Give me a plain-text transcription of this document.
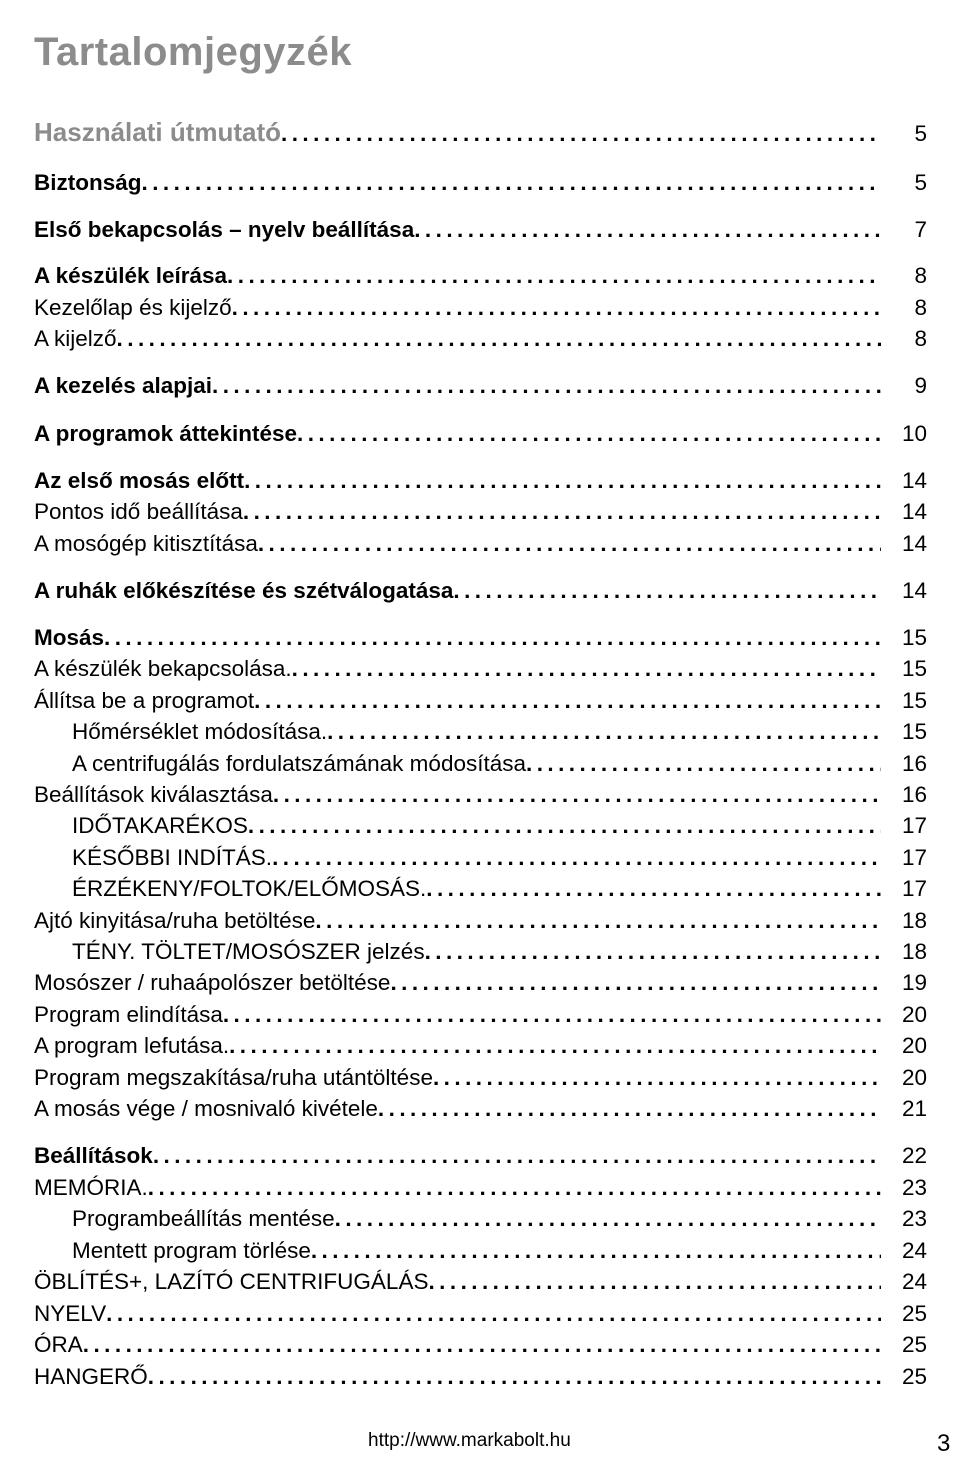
Tartalomjegyzék
Használati útmutató . . .	5
Biztonság . . .	5
Első bekapcsolás – nyelv beállítása . . .	7
A készülék leírása . . .	8
Kezelőlap és kijelző . . .	8
A kijelző . . .	8
A kezelés alapjai . . .	9
A programok áttekintése . . .	10
Az első mosás előtt . . .	14
Pontos idő beállítása . . .	14
A mosógép kitisztítása . . .	14
A ruhák előkészítése és szétválogatása . . .	14
Mosás . . .	15
A készülék bekapcsolása. . . .	15
Állítsa be a programot . . .	15
Hőmérséklet módosítása. . . .	15
A centrifugálás fordulatszámának módosítása . . .	16
Beállítások kiválasztása . . .	16
IDŐTAKARÉKOS . . .	17
KÉSŐBBI INDÍTÁS. . . .	17
ÉRZÉKENY/FOLTOK/ELŐMOSÁS. . . .	17
Ajtó kinyitása/ruha betöltése . . .	18
TÉNY. TÖLTET/MOSÓSZER jelzés . . .	18
Mosószer / ruhaápolószer betöltése . . .	19
Program elindítása . . .	20
A program lefutása. . . .	20
Program megszakítása/ruha utántöltése . . .	20
A mosás vége / mosnivaló kivétele . . .	21
Beállítások . . .	22
MEMÓRIA. . . .	23
Programbeállítás mentése . . .	23
Mentett program törlése . . .	24
ÖBLÍTÉS+, LAZÍTÓ CENTRIFUGÁLÁS . . .	24
NYELV . . .	25
ÓRA . . .	25
HANGERŐ . . .	25
http://www.markabolt.hu	3
